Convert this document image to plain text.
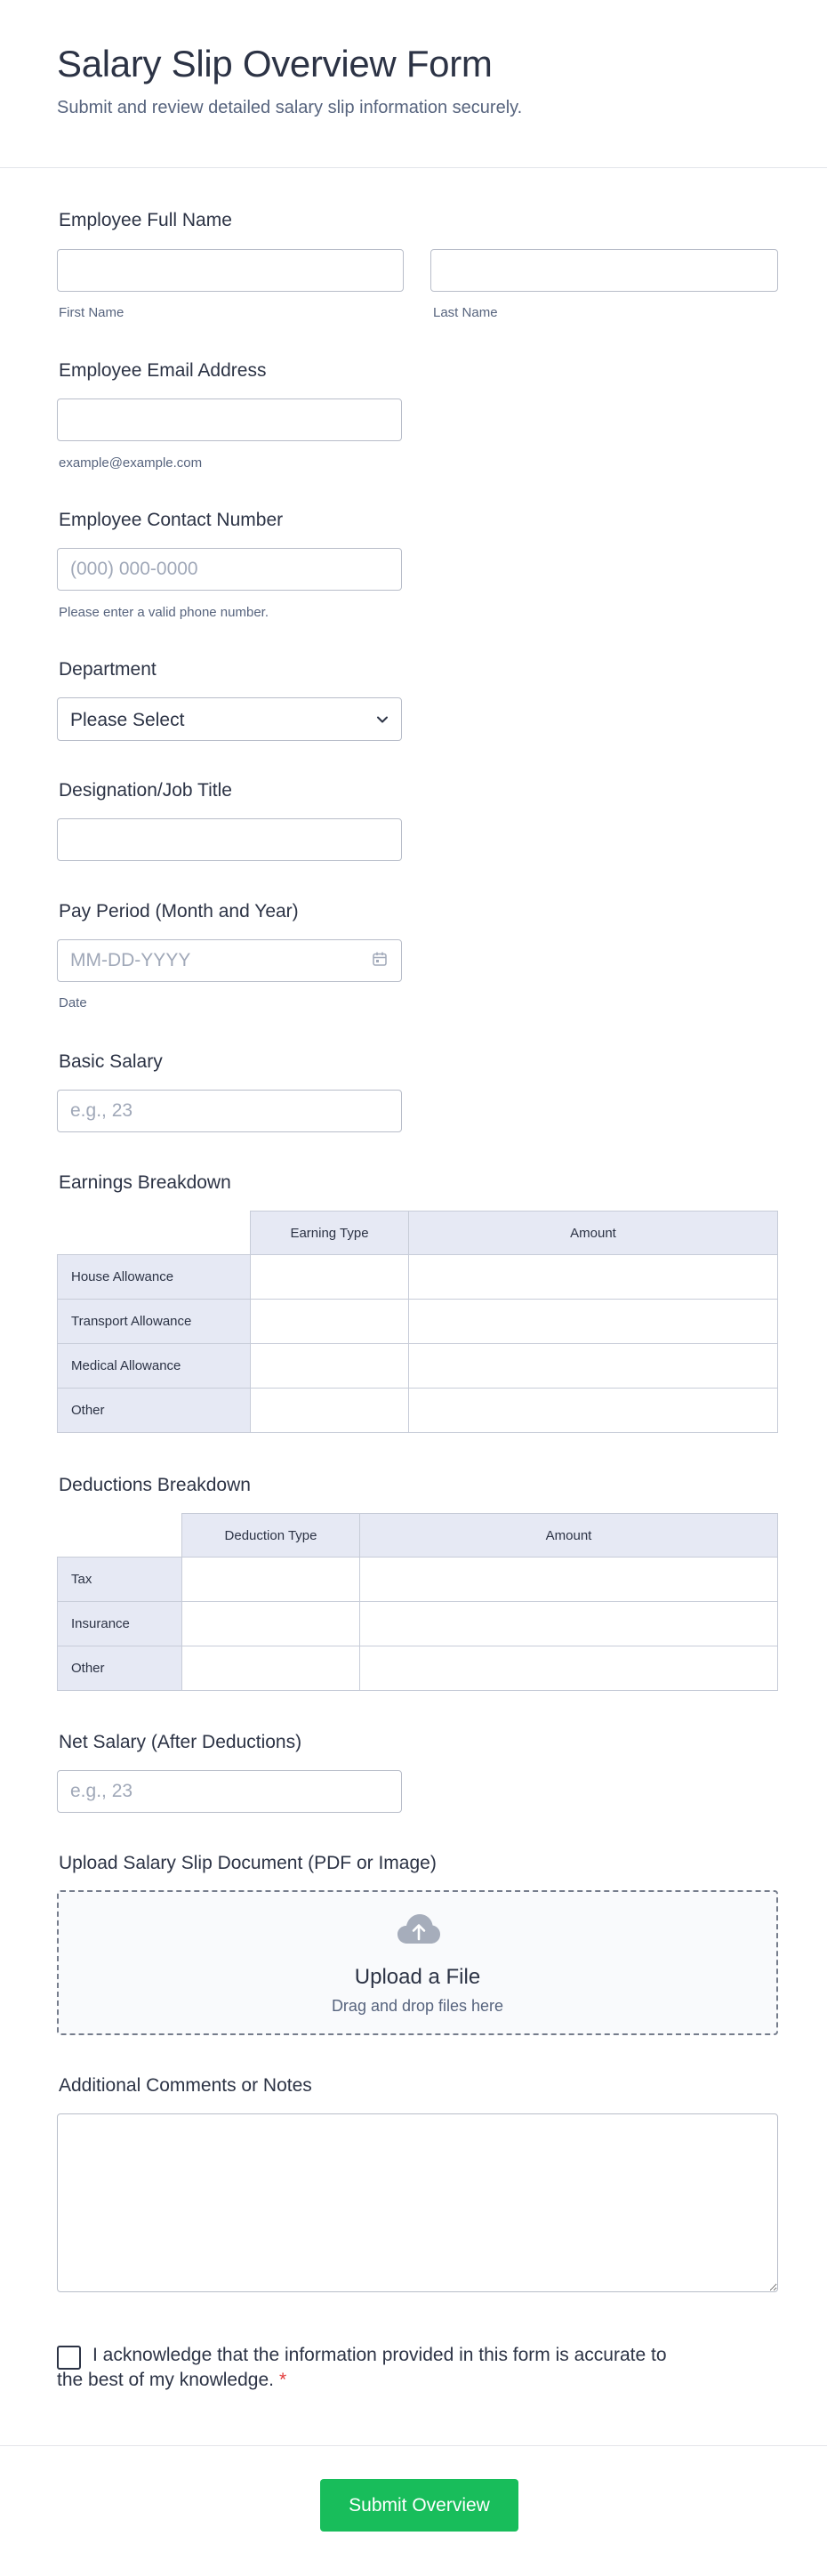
Salary Slip Overview Form
Submit and review detailed salary slip information securely.
Employee Full Name
First Name	Last Name
Employee Email Address
example@example.com
Employee Contact Number
(000) 000-0000
Please enter a valid phone number.
Department
Please Select
Designation/Job Title
Pay Period (Month and Year)
MM-DD-YYYY
Date
Basic Salary
e.g., 23
Earnings Breakdown
	Earning Type	Amount
House Allowance		
Transport Allowance		
Medical Allowance		
Other		
Deductions Breakdown
	Deduction Type	Amount
Tax		
Insurance		
Other		
Net Salary (After Deductions)
e.g., 23
Upload Salary Slip Document (PDF or Image)
Upload a File
Drag and drop files here
Additional Comments or Notes
I acknowledge that the information provided in this form is accurate to the best of my knowledge. *
Submit Overview
